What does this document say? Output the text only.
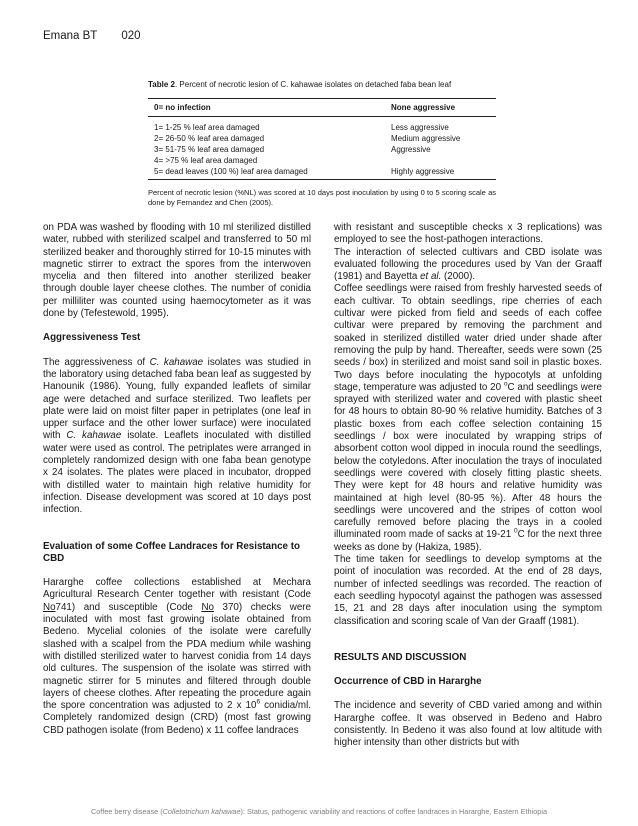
Emana BT 020
Table 2. Percent of necrotic lesion of C. kahawae isolates on detached faba bean leaf
0= no infection	None aggressive
1= 1-25 % leaf area damaged	Less aggressive
2= 26-50 % leaf area damaged	Medium aggressive
3= 51-75 % leaf area damaged	Aggressive
4= >75 % leaf area damaged	
5= dead leaves (100 %) leaf area damaged	Highly aggressive
Percent of necrotic lesion (%NL) was scored at 10 days post inoculation by using 0 to 5 scoring scale as done by Fernandez and Chen (2005).

on PDA was washed by flooding with 10 ml sterilized distilled water, rubbed with sterilized scalpel and transferred to 50 ml sterilized beaker and thoroughly stirred for 10-15 minutes with magnetic stirrer to extract the spores from the interwoven mycelia and then filtered into another sterilized beaker through double layer cheese clothes. The number of conidia per milliliter was counted using haemocytometer as it was done by (Tefestewold, 1995).

Aggressiveness Test

The aggressiveness of C. kahawae isolates was studied in the laboratory using detached faba bean leaf as suggested by Hanounik (1986). Young, fully expanded leaflets of similar age were detached and surface sterilized. Two leaflets per plate were laid on moist filter paper in petriplates (one leaf in upper surface and the other lower surface) were inoculated with C. kahawae isolate. Leaflets inoculated with distilled water were used as control. The petriplates were arranged in completely randomized design with one faba bean genotype x 24 isolates. The plates were placed in incubator, dropped with distilled water to maintain high relative humidity for infection. Disease development was scored at 10 days post infection.

Evaluation of some Coffee Landraces for Resistance to CBD

Hararghe coffee collections established at Mechara Agricultural Research Center together with resistant (Code No741) and susceptible (Code No 370) checks were inoculated with most fast growing isolate obtained from Bedeno. Mycelial colonies of the isolate were carefully slashed with a scalpel from the PDA medium while washing with distilled sterilized water to harvest conidia from 14 days old cultures. The suspension of the isolate was stirred with magnetic stirrer for 5 minutes and filtered through double layers of cheese clothes. After repeating the procedure again the spore concentration was adjusted to 2 x $10^6$ conidia/ml. Completely randomized design (CRD) (most fast growing CBD pathogen isolate (from Bedeno) x 11 coffee landraces

with resistant and susceptible checks x 3 replications) was employed to see the host-pathogen interactions.

The interaction of selected cultivars and CBD isolate was evaluated following the procedures used by Van der Graaff (1981) and Bayetta et al. (2000).

Coffee seedlings were raised from freshly harvested seeds of each cultivar. To obtain seedlings, ripe cherries of each cultivar were picked from field and seeds of each coffee cultivar were prepared by removing the parchment and soaked in sterilized distilled water dried under shade after removing the pulp by hand. Thereafter, seeds were sown (25 seeds / box) in sterilized and moist sand soil in plastic boxes. Two days before inoculating the hypocotyls at unfolding stage, temperature was adjusted to 20 $^o$C and seedlings were sprayed with sterilized water and covered with plastic sheet for 48 hours to obtain 80-90 % relative humidity. Batches of 3 plastic boxes from each coffee selection containing 15 seedlings / box were inoculated by wrapping strips of absorbent cotton wool dipped in inocula round the seedlings, below the cotyledons. After inoculation the trays of inoculated seedlings were covered with closely fitting plastic sheets. They were kept for 48 hours and relative humidity was maintained at high level (80-95 %). After 48 hours the seedlings were uncovered and the stripes of cotton wool carefully removed before placing the trays in a cooled illuminated room made of sacks at 19-21 $^0$C for the next three weeks as done by (Hakiza, 1985).

The time taken for seedlings to develop symptoms at the point of inoculation was recorded. At the end of 28 days, number of infected seedlings was recorded. The reaction of each seedling hypocotyl against the pathogen was assessed 15, 21 and 28 days after inoculation using the symptom classification and scoring scale of Van der Graaff (1981).

RESULTS AND DISCUSSION
Occurrence of CBD in Hararghe

The incidence and severity of CBD varied among and within Hararghe coffee. It was observed in Bedeno and Habro consistently. In Bedeno it was also found at low altitude with higher intensity than other districts but with

Coffee berry disease (Colletotrichum kahawae): Status, pathogenic variability and reactions of coffee landraces in Hararghe, Eastern Ethiopia
